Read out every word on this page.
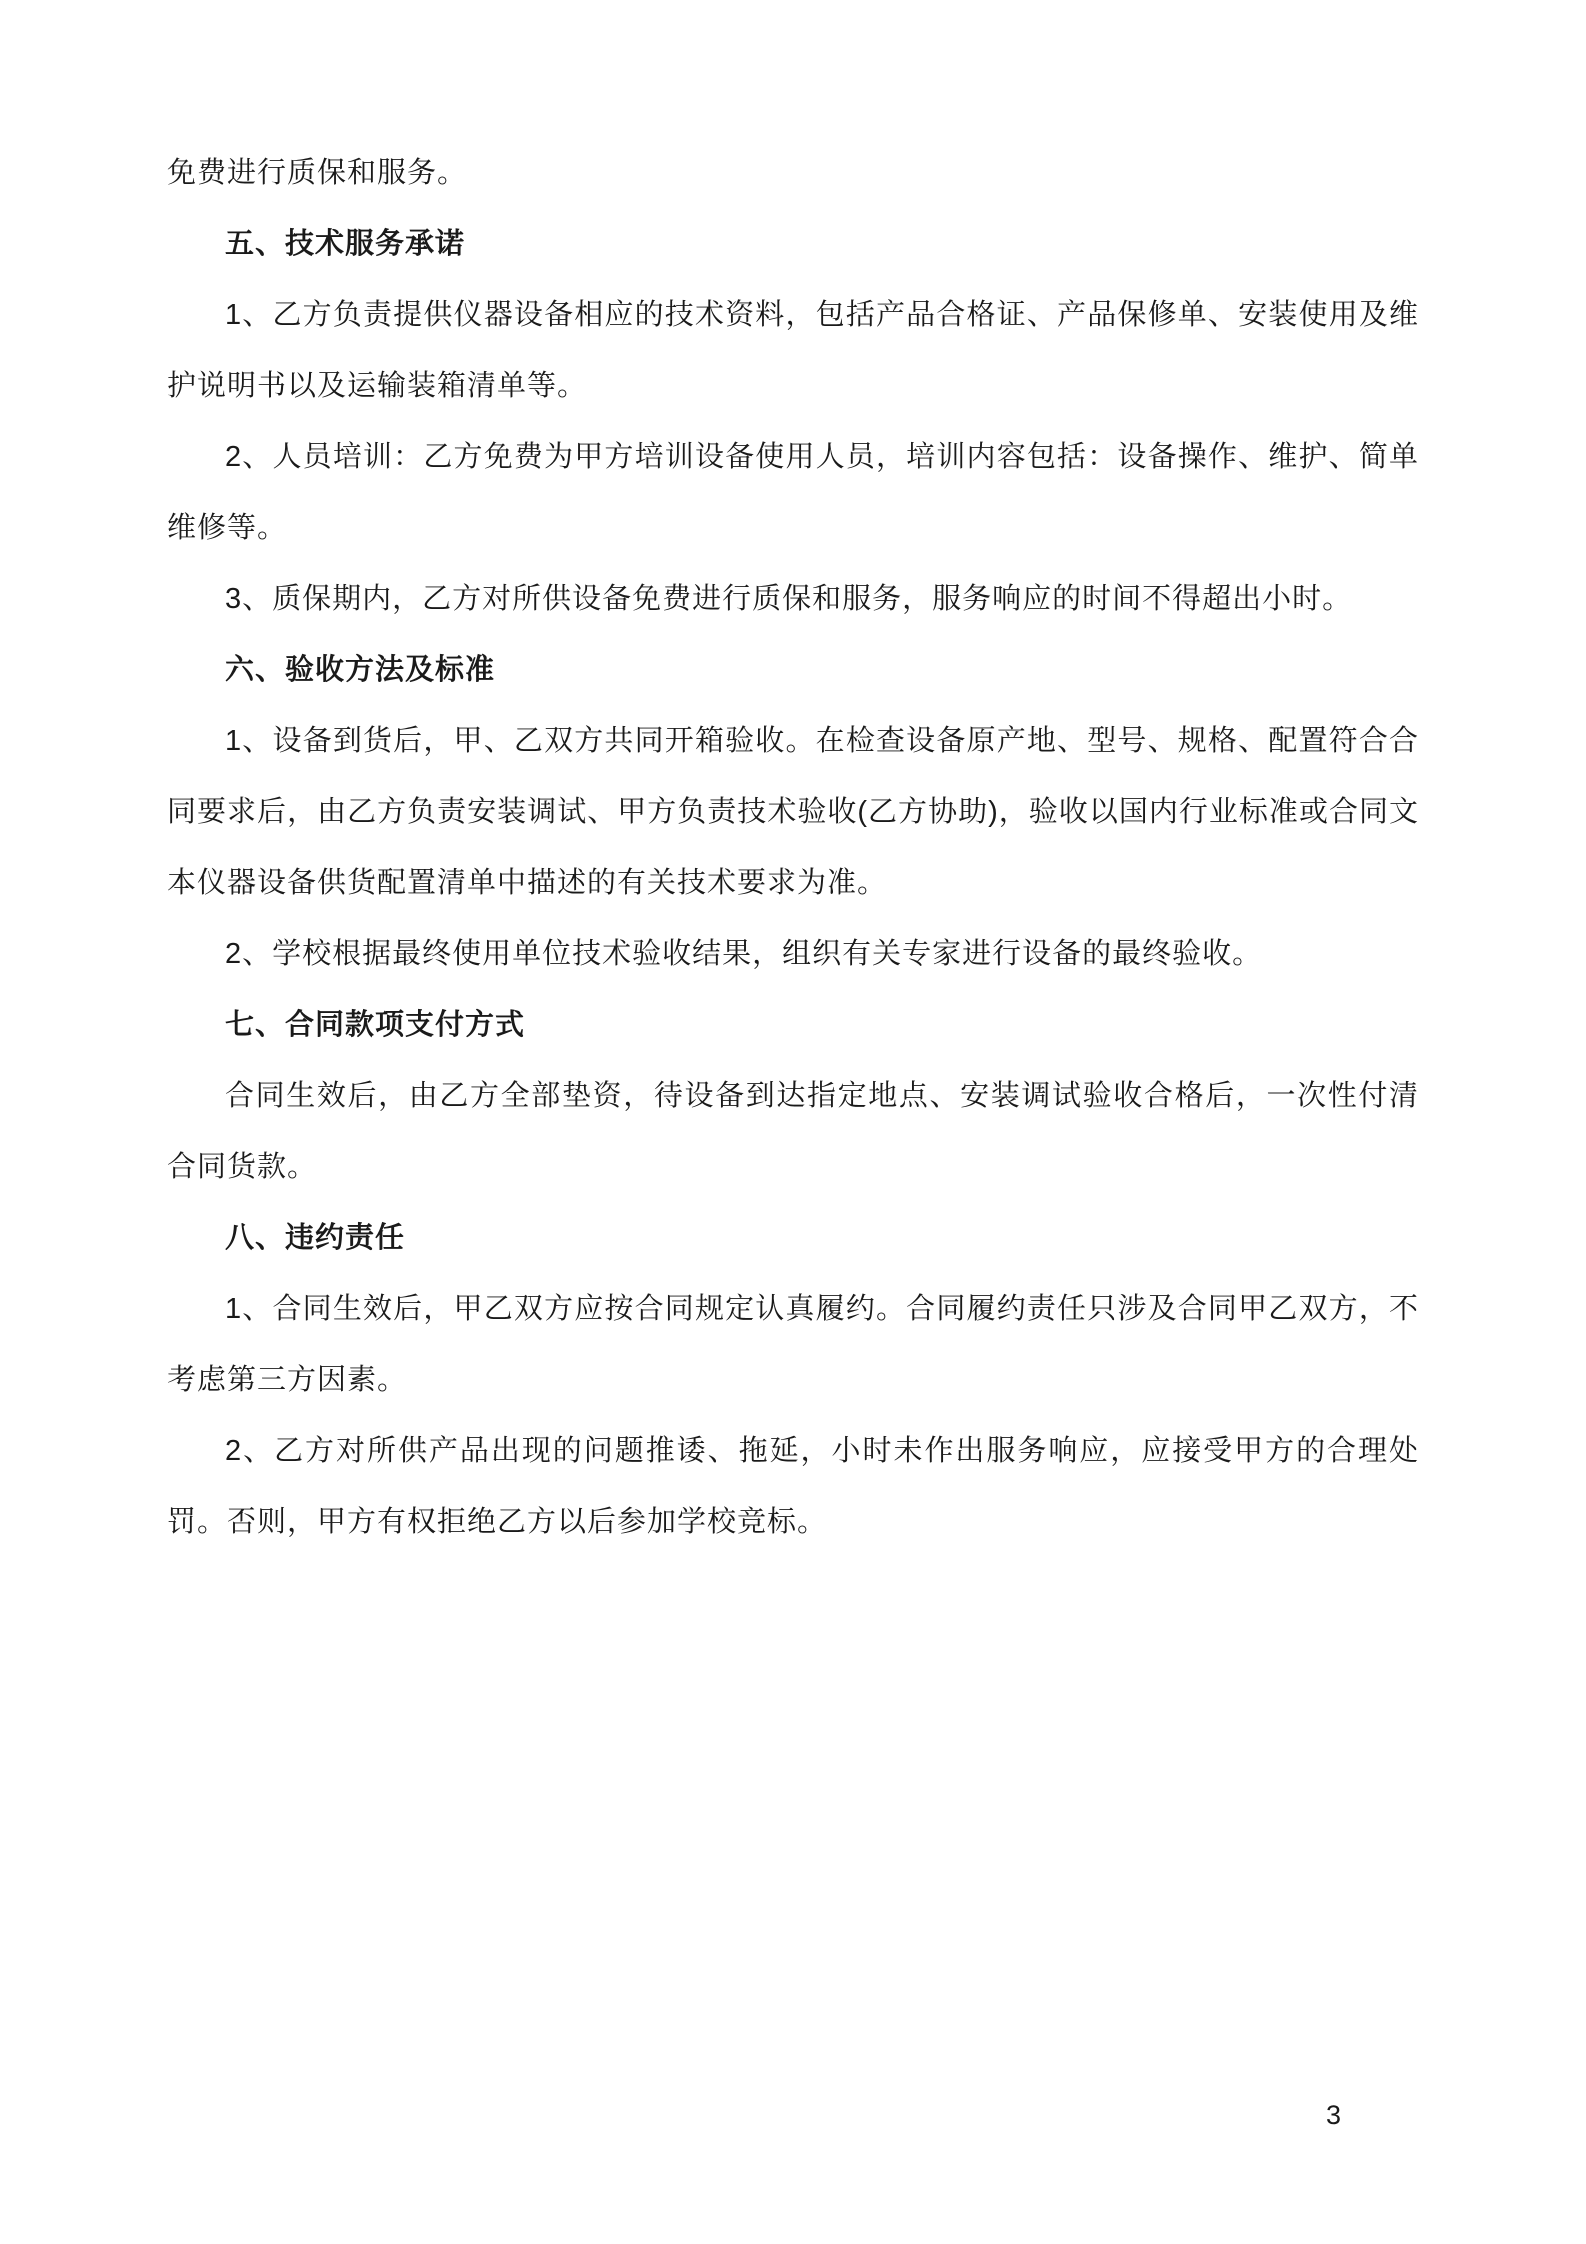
免费进行质保和服务。

五、技术服务承诺

1、乙方负责提供仪器设备相应的技术资料，包括产品合格证、产品保修单、安装使用及维护说明书以及运输装箱清单等。

2、人员培训：乙方免费为甲方培训设备使用人员，培训内容包括：设备操作、维护、简单维修等。

3、质保期内，乙方对所供设备免费进行质保和服务，服务响应的时间不得超出小时。

六、验收方法及标准

1、设备到货后，甲、乙双方共同开箱验收。在检查设备原产地、型号、规格、配置符合合同要求后，由乙方负责安装调试、甲方负责技术验收(乙方协助)，验收以国内行业标准或合同文本仪器设备供货配置清单中描述的有关技术要求为准。

2、学校根据最终使用单位技术验收结果，组织有关专家进行设备的最终验收。

七、合同款项支付方式

合同生效后，由乙方全部垫资，待设备到达指定地点、安装调试验收合格后，一次性付清合同货款。

八、违约责任

1、合同生效后，甲乙双方应按合同规定认真履约。合同履约责任只涉及合同甲乙双方，不考虑第三方因素。

2、乙方对所供产品出现的问题推诿、拖延，小时未作出服务响应，应接受甲方的合理处罚。否则，甲方有权拒绝乙方以后参加学校竞标。

3
